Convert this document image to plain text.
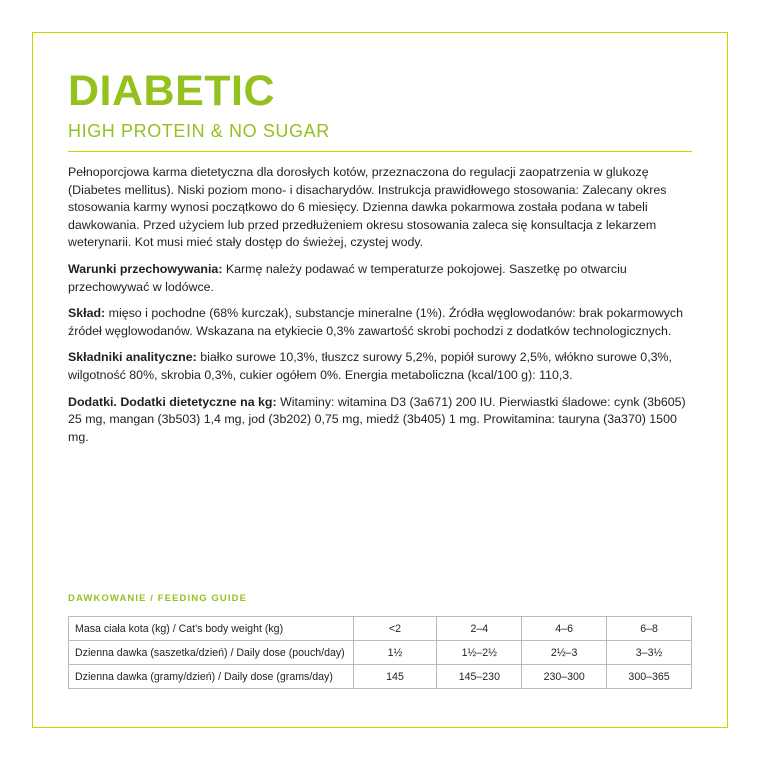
DIABETIC
HIGH PROTEIN & NO SUGAR

Pełnoporcjowa karma dietetyczna dla dorosłych kotów, przeznaczona do regulacji zaopatrzenia w glukozę (Diabetes mellitus). Niski poziom mono- i disacharydów. Instrukcja prawidłowego stosowania: Zalecany okres stosowania karmy wynosi początkowo do 6 miesięcy. Dzienna dawka pokarmowa została podana w tabeli dawkowania. Przed użyciem lub przed przedłużeniem okresu stosowania zaleca się konsultacja z lekarzem weterynarii. Kot musi mieć stały dostęp do świeżej, czystej wody.

Warunki przechowywania: Karmę należy podawać w temperaturze pokojowej. Saszetkę po otwarciu przechowywać w lodówce.

Skład: mięso i pochodne (68% kurczak), substancje mineralne (1%). Źródła węglowodanów: brak pokarmowych źródeł węglowodanów. Wskazana na etykiecie 0,3% zawartość skrobi pochodzi z dodatków technologicznych.

Składniki analityczne: białko surowe 10,3%, tłuszcz surowy 5,2%, popiół surowy 2,5%, włókno surowe 0,3%, wilgotność 80%, skrobia 0,3%, cukier ogółem 0%. Energia metaboliczna (kcal/100 g): 110,3.

Dodatki. Dodatki dietetyczne na kg: Witaminy: witamina D3 (3a671) 200 IU. Pierwiastki śladowe: cynk (3b605) 25 mg, mangan (3b503) 1,4 mg, jod (3b202) 0,75 mg, miedź (3b405) 1 mg. Prowitamina: tauryna (3a370) 1500 mg.

DAWKOWANIE / FEEDING GUIDE
Masa ciała kota (kg) / Cat's body weight (kg)	<2	2–4	4–6	6–8
Dzienna dawka (saszetka/dzień) / Daily dose (pouch/day)	1½	1½–2½	2½–3	3–3½
Dzienna dawka (gramy/dzień) / Daily dose (grams/day)	145	145–230	230–300	300–365
